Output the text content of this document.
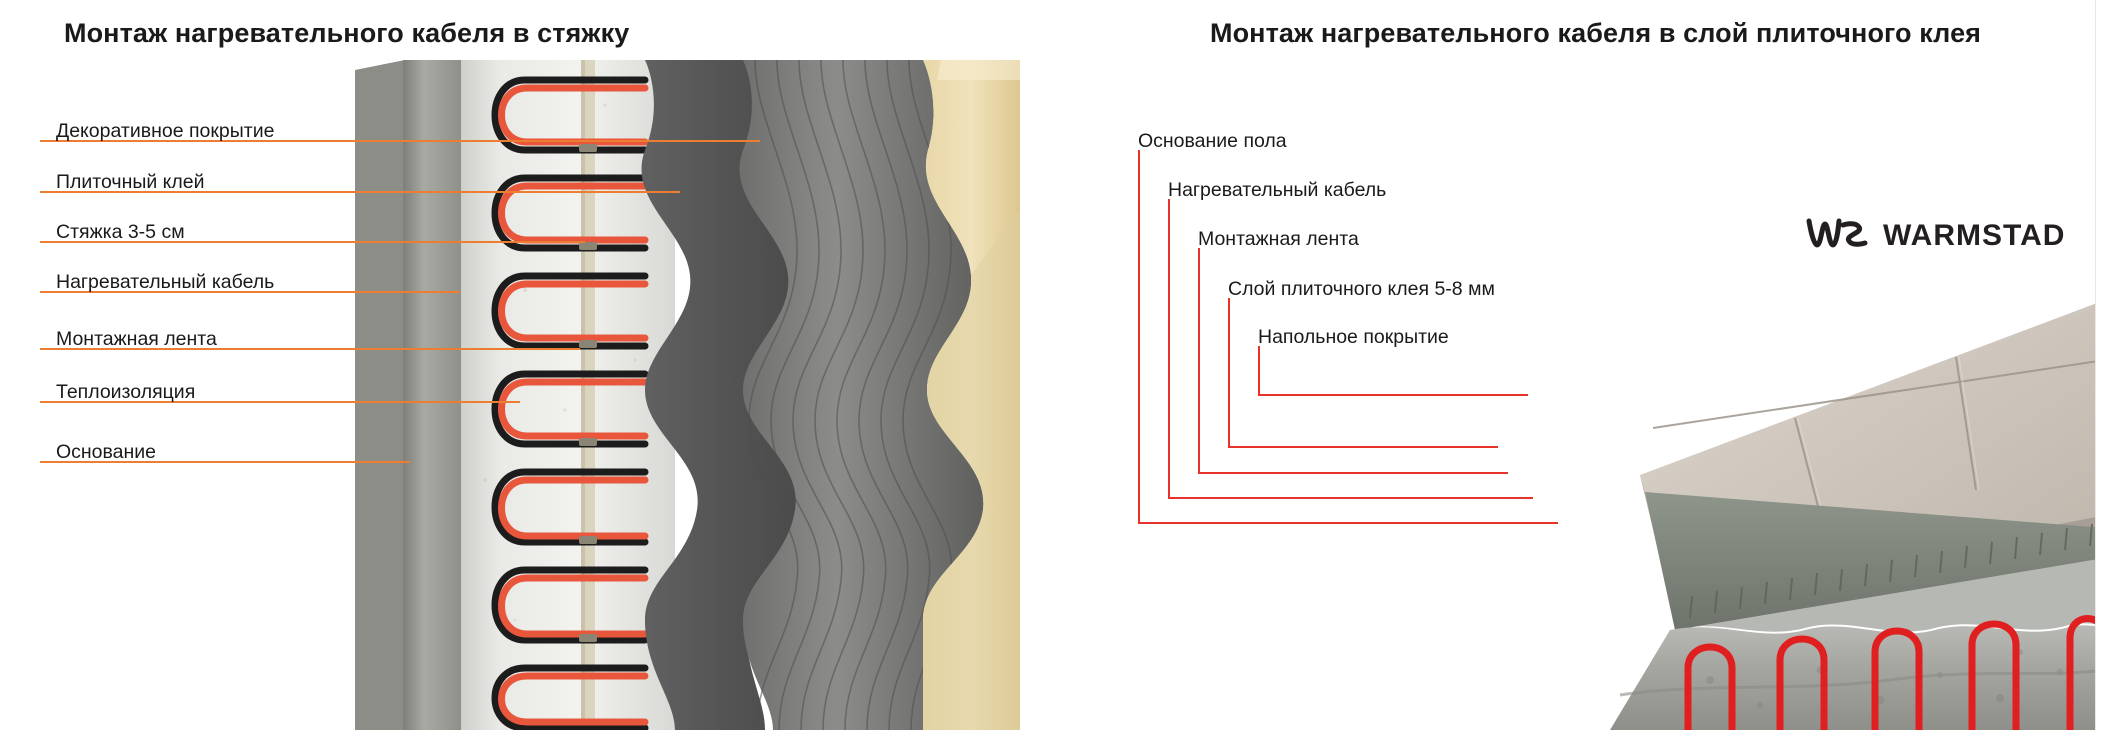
Монтаж нагревательного кабеля в стяжку
Декоративное покрытие
Плиточный клей
Стяжка 3-5 см
Нагревательный кабель
Монтажная лента
Теплоизоляция
Основание
Монтаж нагревательного кабеля в слой плиточного клея
WARMSTAD
Основание пола
Нагревательный кабель
Монтажная лента
Слой плиточного клея 5-8 мм
Напольное покрытие
